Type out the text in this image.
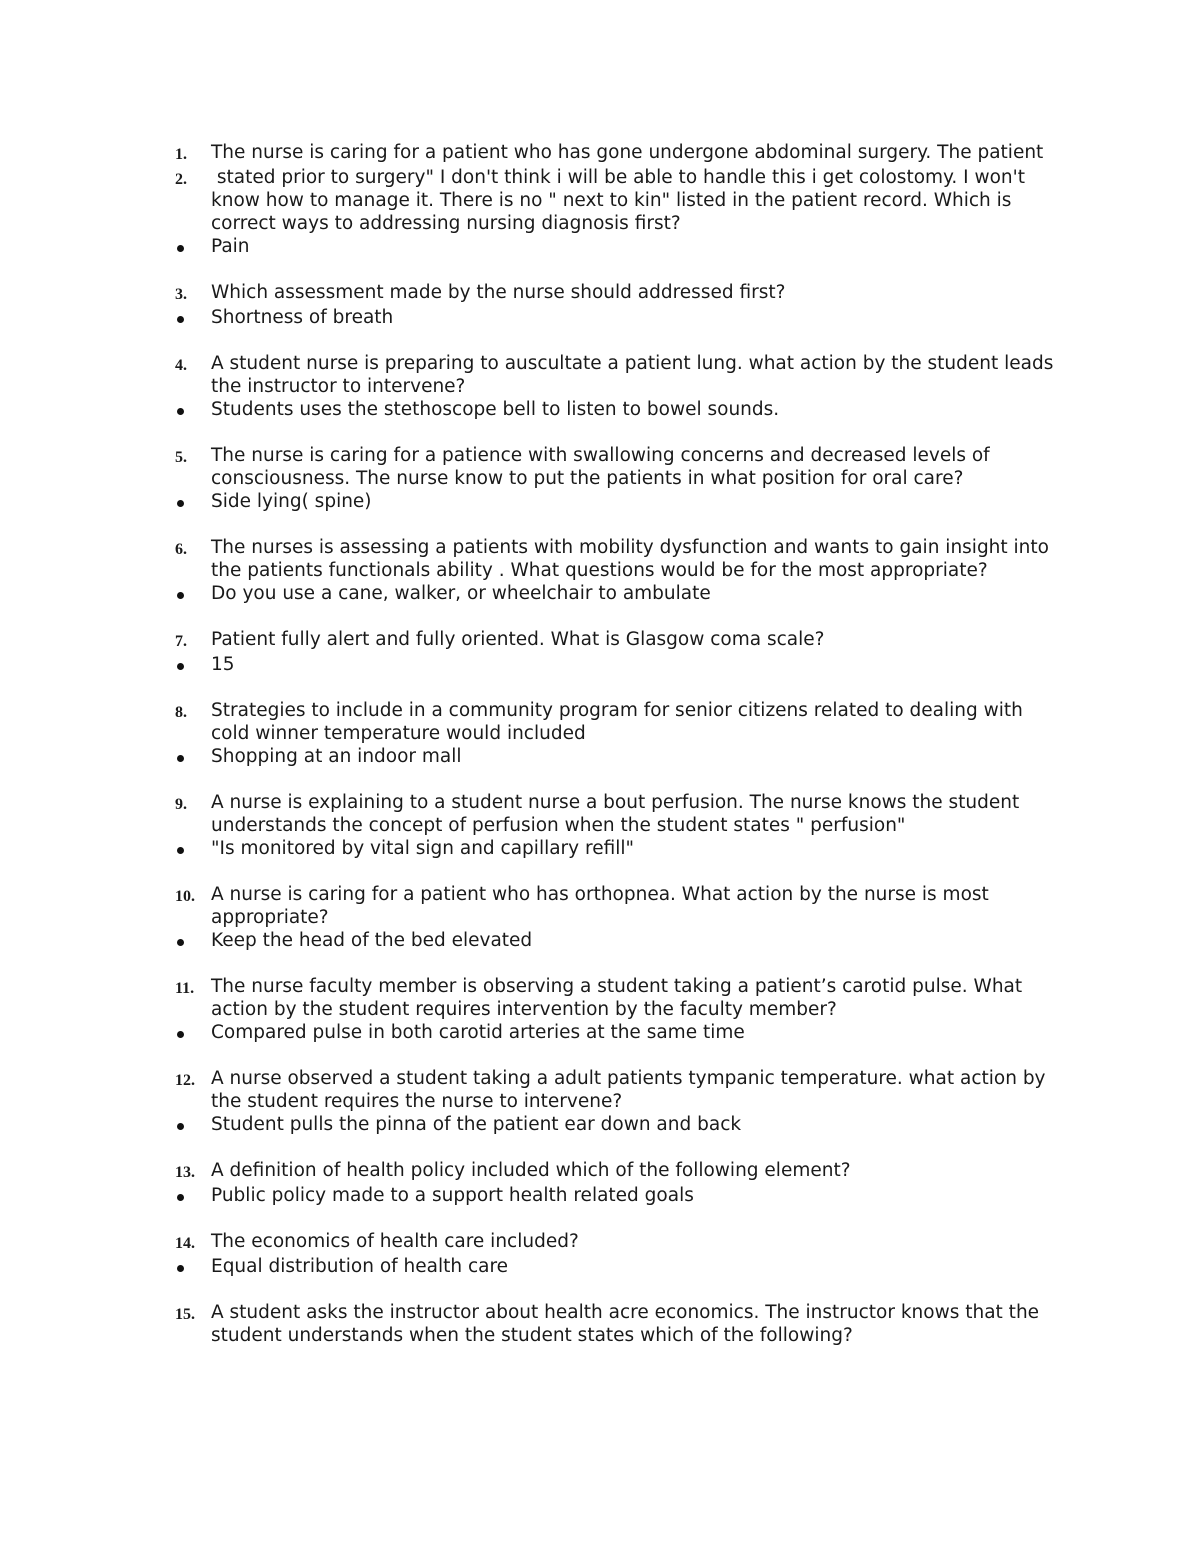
1.	The nurse is caring for a patient who has gone undergone abdominal surgery. The patient
2.	stated prior to surgery" I don't think i will be able to handle this i get colostomy. I won't know how to manage it. There is no " next to kin" listed in the patient record. Which is correct ways to addressing nursing diagnosis first?
Pain
3.	Which assessment made by the nurse should addressed first?
Shortness of breath
4.	A student nurse is preparing to auscultate a patient lung. what action by the student leads the instructor to intervene?
Students uses the stethoscope bell to listen to bowel sounds.
5.	The nurse is caring for a patience with swallowing concerns and decreased levels of consciousness. The nurse know to put the patients in what position for oral care?
Side lying( spine)
6.	The nurses is assessing a patients with mobility dysfunction and wants to gain insight into the patients functionals ability . What questions would be for the most appropriate?
Do you use a cane, walker, or wheelchair to ambulate
7.	Patient fully alert and fully oriented. What is Glasgow coma scale?
15
8.	Strategies to include in a community program for senior citizens related to dealing with cold winner temperature would included
Shopping at an indoor mall
9.	A nurse is explaining to a student nurse a bout perfusion. The nurse knows the student understands the concept of perfusion when the student states " perfusion"
"Is monitored by vital sign and capillary refill"
10. A nurse is caring for a patient who has orthopnea. What action by the nurse is most appropriate?
Keep the head of the bed elevated
11. The nurse faculty member is observing a student taking a patient’s carotid pulse. What action by the student requires intervention by the faculty member?
Compared pulse in both carotid arteries at the same time
12. A nurse observed a student taking a adult patients tympanic temperature. what action by the student requires the nurse to intervene?
Student pulls the pinna of the patient ear down and back
13. A definition of health policy included which of the following element?
Public policy made to a support health related goals
14. The economics of health care included?
Equal distribution of health care
15. A student asks the instructor about health acre economics. The instructor knows that the student understands when the student states which of the following?
